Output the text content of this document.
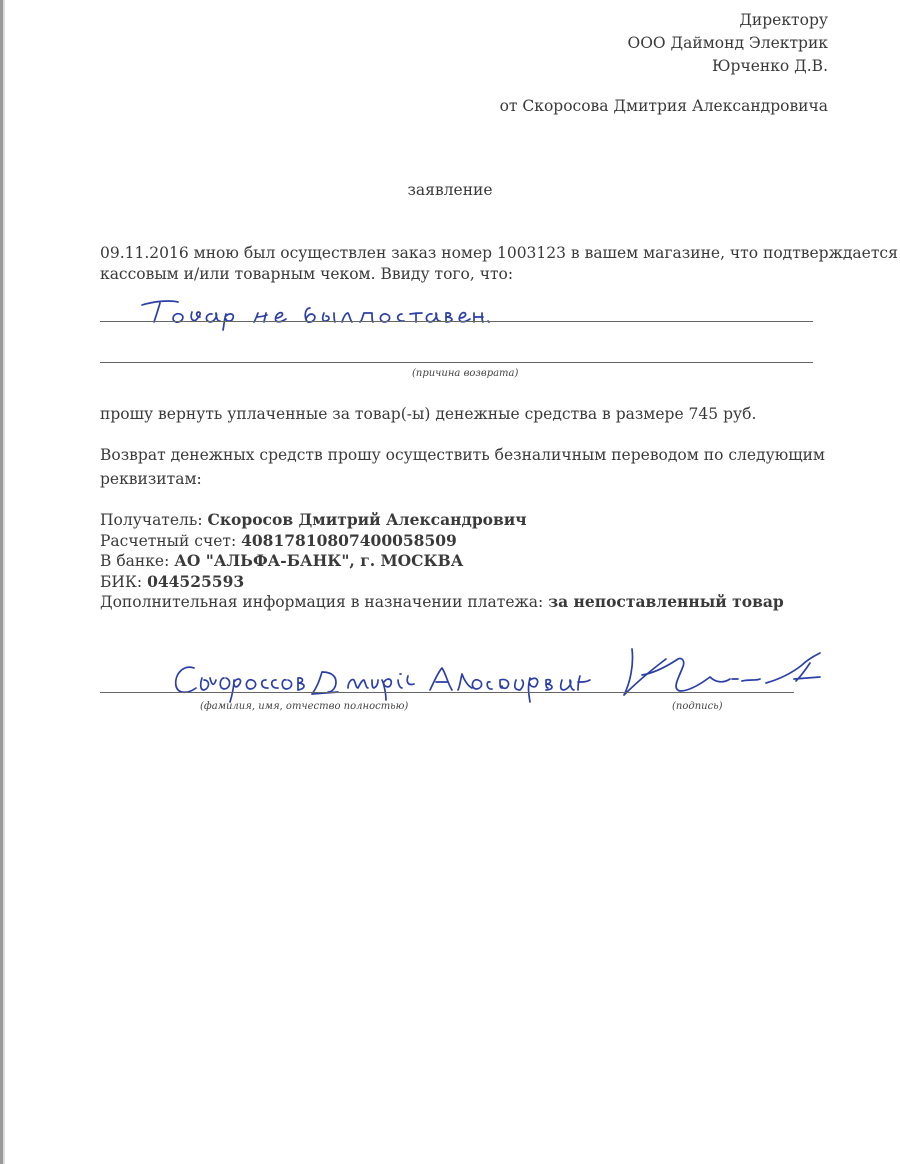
Директору
ООО Даймонд Электрик
Юрченко Д.В.
от Скоросова Дмитрия Александровича
заявление
09.11.2016 мною был осуществлен заказ номер 1003123 в вашем магазине, что подтверждается
кассовым и/или товарным чеком. Ввиду того, что:
(причина возврата)
прошу вернуть уплаченные за товар(-ы) денежные средства в размере 745 руб.
Возврат денежных средств прошу осуществить безналичным переводом по следующим
реквизитам:
Получатель: Скоросов Дмитрий Александрович
Расчетный счет: 40817810807400058509
В банке: АО "АЛЬФА-БАНК", г. МОСКВА
БИК: 044525593
Дополнительная информация в назначении платежа: за непоставленный товар
(фамилия, имя, отчество полностью)	(подпись)
